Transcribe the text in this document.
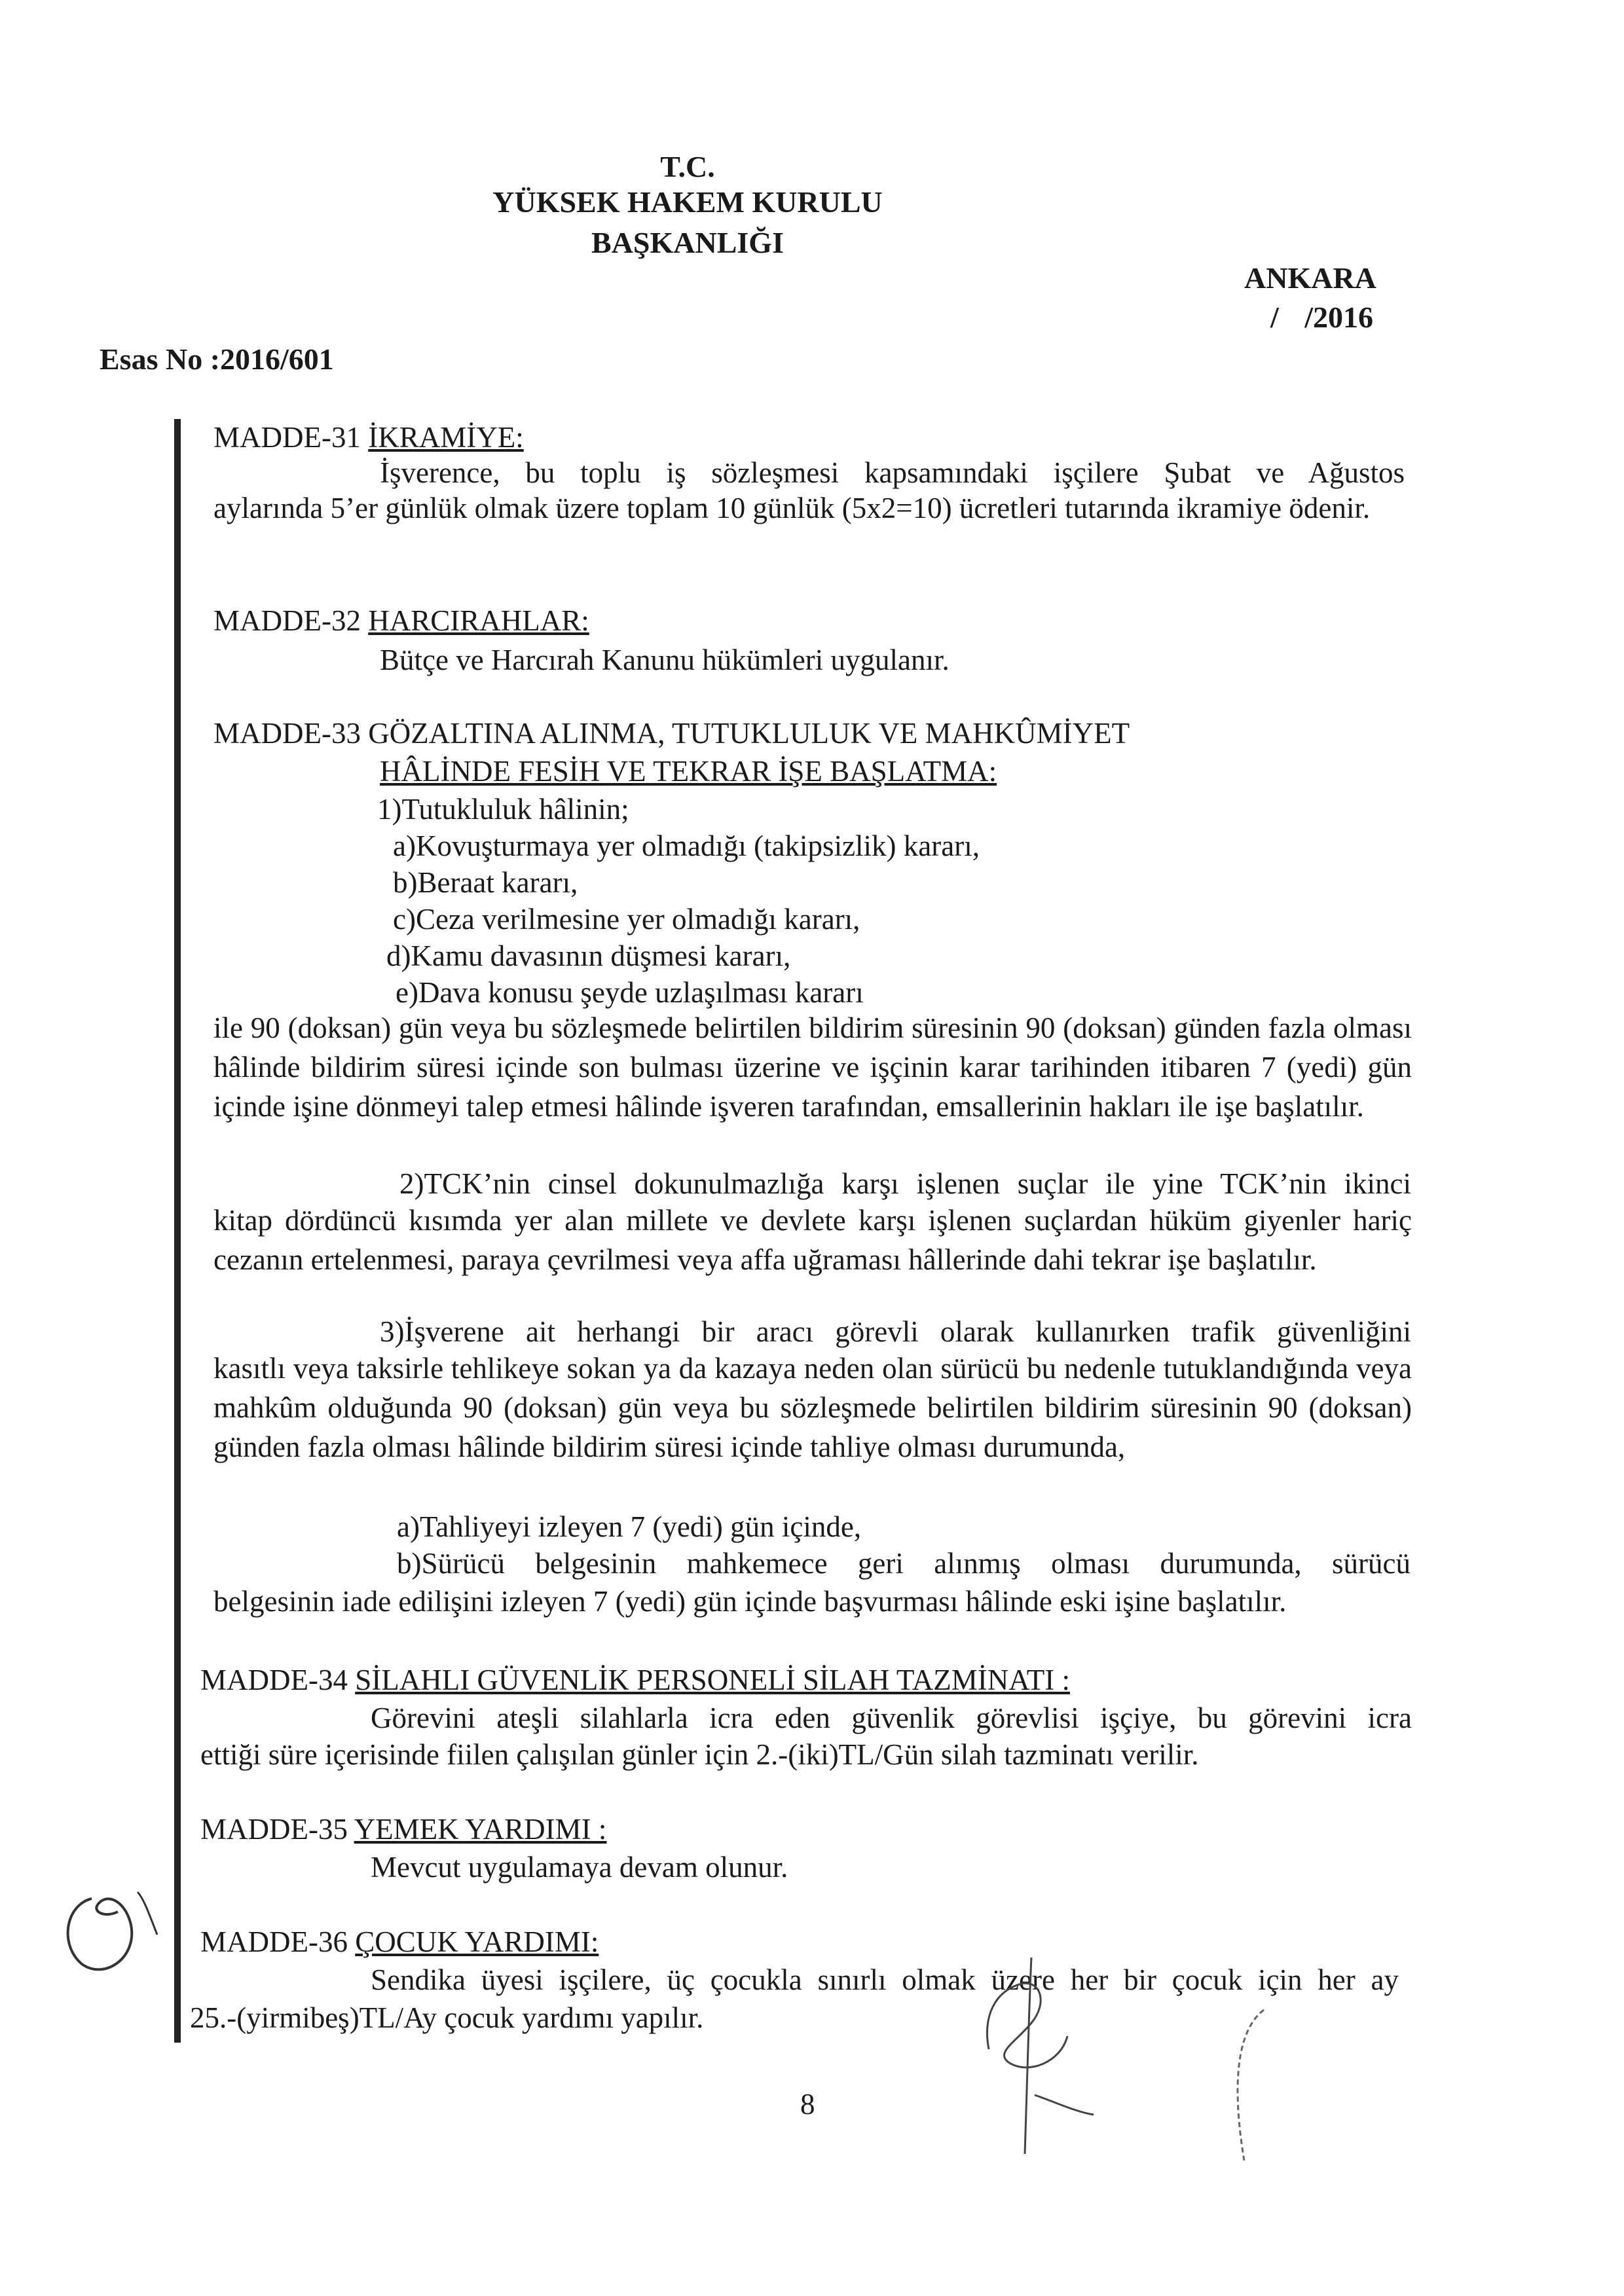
T.C.
YÜKSEK HAKEM KURULU
BAŞKANLIĞI
ANKARA
/ /2016
Esas No :2016/601
MADDE-31 İKRAMİYE:
İşverence, bu toplu iş sözleşmesi kapsamındaki işçilere Şubat ve Ağustos
aylarında 5’er günlük olmak üzere toplam 10 günlük (5x2=10) ücretleri tutarında ikramiye ödenir.
MADDE-32 HARCIRAHLAR:
Bütçe ve Harcırah Kanunu hükümleri uygulanır.
MADDE-33 GÖZALTINA ALINMA, TUTUKLULUK VE MAHKÛMİYET
HÂLİNDE FESİH VE TEKRAR İŞE BAŞLATMA:
1)Tutukluluk hâlinin;
a)Kovuşturmaya yer olmadığı (takipsizlik) kararı,
b)Beraat kararı,
c)Ceza verilmesine yer olmadığı kararı,
d)Kamu davasının düşmesi kararı,
e)Dava konusu şeyde uzlaşılması kararı
ile 90 (doksan) gün veya bu sözleşmede belirtilen bildirim süresinin 90 (doksan) günden fazla olması hâlinde bildirim süresi içinde son bulması üzerine ve işçinin karar tarihinden itibaren 7 (yedi) gün içinde işine dönmeyi talep etmesi hâlinde işveren tarafından, emsallerinin hakları ile işe başlatılır.
2)TCK’nin cinsel dokunulmazlığa karşı işlenen suçlar ile yine TCK’nin ikinci
kitap dördüncü kısımda yer alan millete ve devlete karşı işlenen suçlardan hüküm giyenler hariç cezanın ertelenmesi, paraya çevrilmesi veya affa uğraması hâllerinde dahi tekrar işe başlatılır.
3)İşverene ait herhangi bir aracı görevli olarak kullanırken trafik güvenliğini
kasıtlı veya taksirle tehlikeye sokan ya da kazaya neden olan sürücü bu nedenle tutuklandığında veya mahkûm olduğunda 90 (doksan) gün veya bu sözleşmede belirtilen bildirim süresinin 90 (doksan) günden fazla olması hâlinde bildirim süresi içinde tahliye olması durumunda,
a)Tahliyeyi izleyen 7 (yedi) gün içinde,
b)Sürücü belgesinin mahkemece geri alınmış olması durumunda, sürücü
belgesinin iade edilişini izleyen 7 (yedi) gün içinde başvurması hâlinde eski işine başlatılır.
MADDE-34 SİLAHLI GÜVENLİK PERSONELİ SİLAH TAZMİNATI :
Görevini ateşli silahlarla icra eden güvenlik görevlisi işçiye, bu görevini icra
ettiği süre içerisinde fiilen çalışılan günler için 2.-(iki)TL/Gün silah tazminatı verilir.
MADDE-35 YEMEK YARDIMI :
Mevcut uygulamaya devam olunur.
MADDE-36 ÇOCUK YARDIMI:
Sendika üyesi işçilere, üç çocukla sınırlı olmak üzere her bir çocuk için her ay
25.-(yirmibeş)TL/Ay çocuk yardımı yapılır.
8
